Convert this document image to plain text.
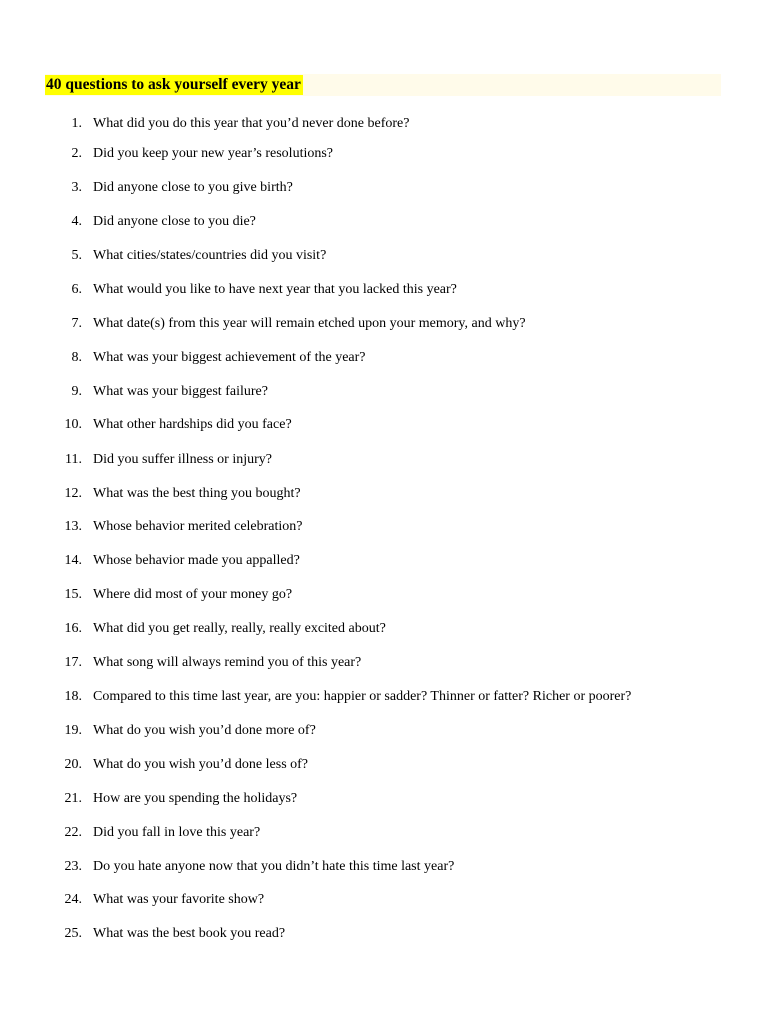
40 questions to ask yourself every year
1. What did you do this year that you’d never done before?
2. Did you keep your new year’s resolutions?
3. Did anyone close to you give birth?
4. Did anyone close to you die?
5. What cities/states/countries did you visit?
6. What would you like to have next year that you lacked this year?
7. What date(s) from this year will remain etched upon your memory, and why?
8. What was your biggest achievement of the year?
9. What was your biggest failure?
10. What other hardships did you face?
11. Did you suffer illness or injury?
12. What was the best thing you bought?
13. Whose behavior merited celebration?
14. Whose behavior made you appalled?
15. Where did most of your money go?
16. What did you get really, really, really excited about?
17. What song will always remind you of this year?
18. Compared to this time last year, are you: happier or sadder? Thinner or fatter? Richer or poorer?
19. What do you wish you’d done more of?
20. What do you wish you’d done less of?
21. How are you spending the holidays?
22. Did you fall in love this year?
23. Do you hate anyone now that you didn’t hate this time last year?
24. What was your favorite show?
25. What was the best book you read?
